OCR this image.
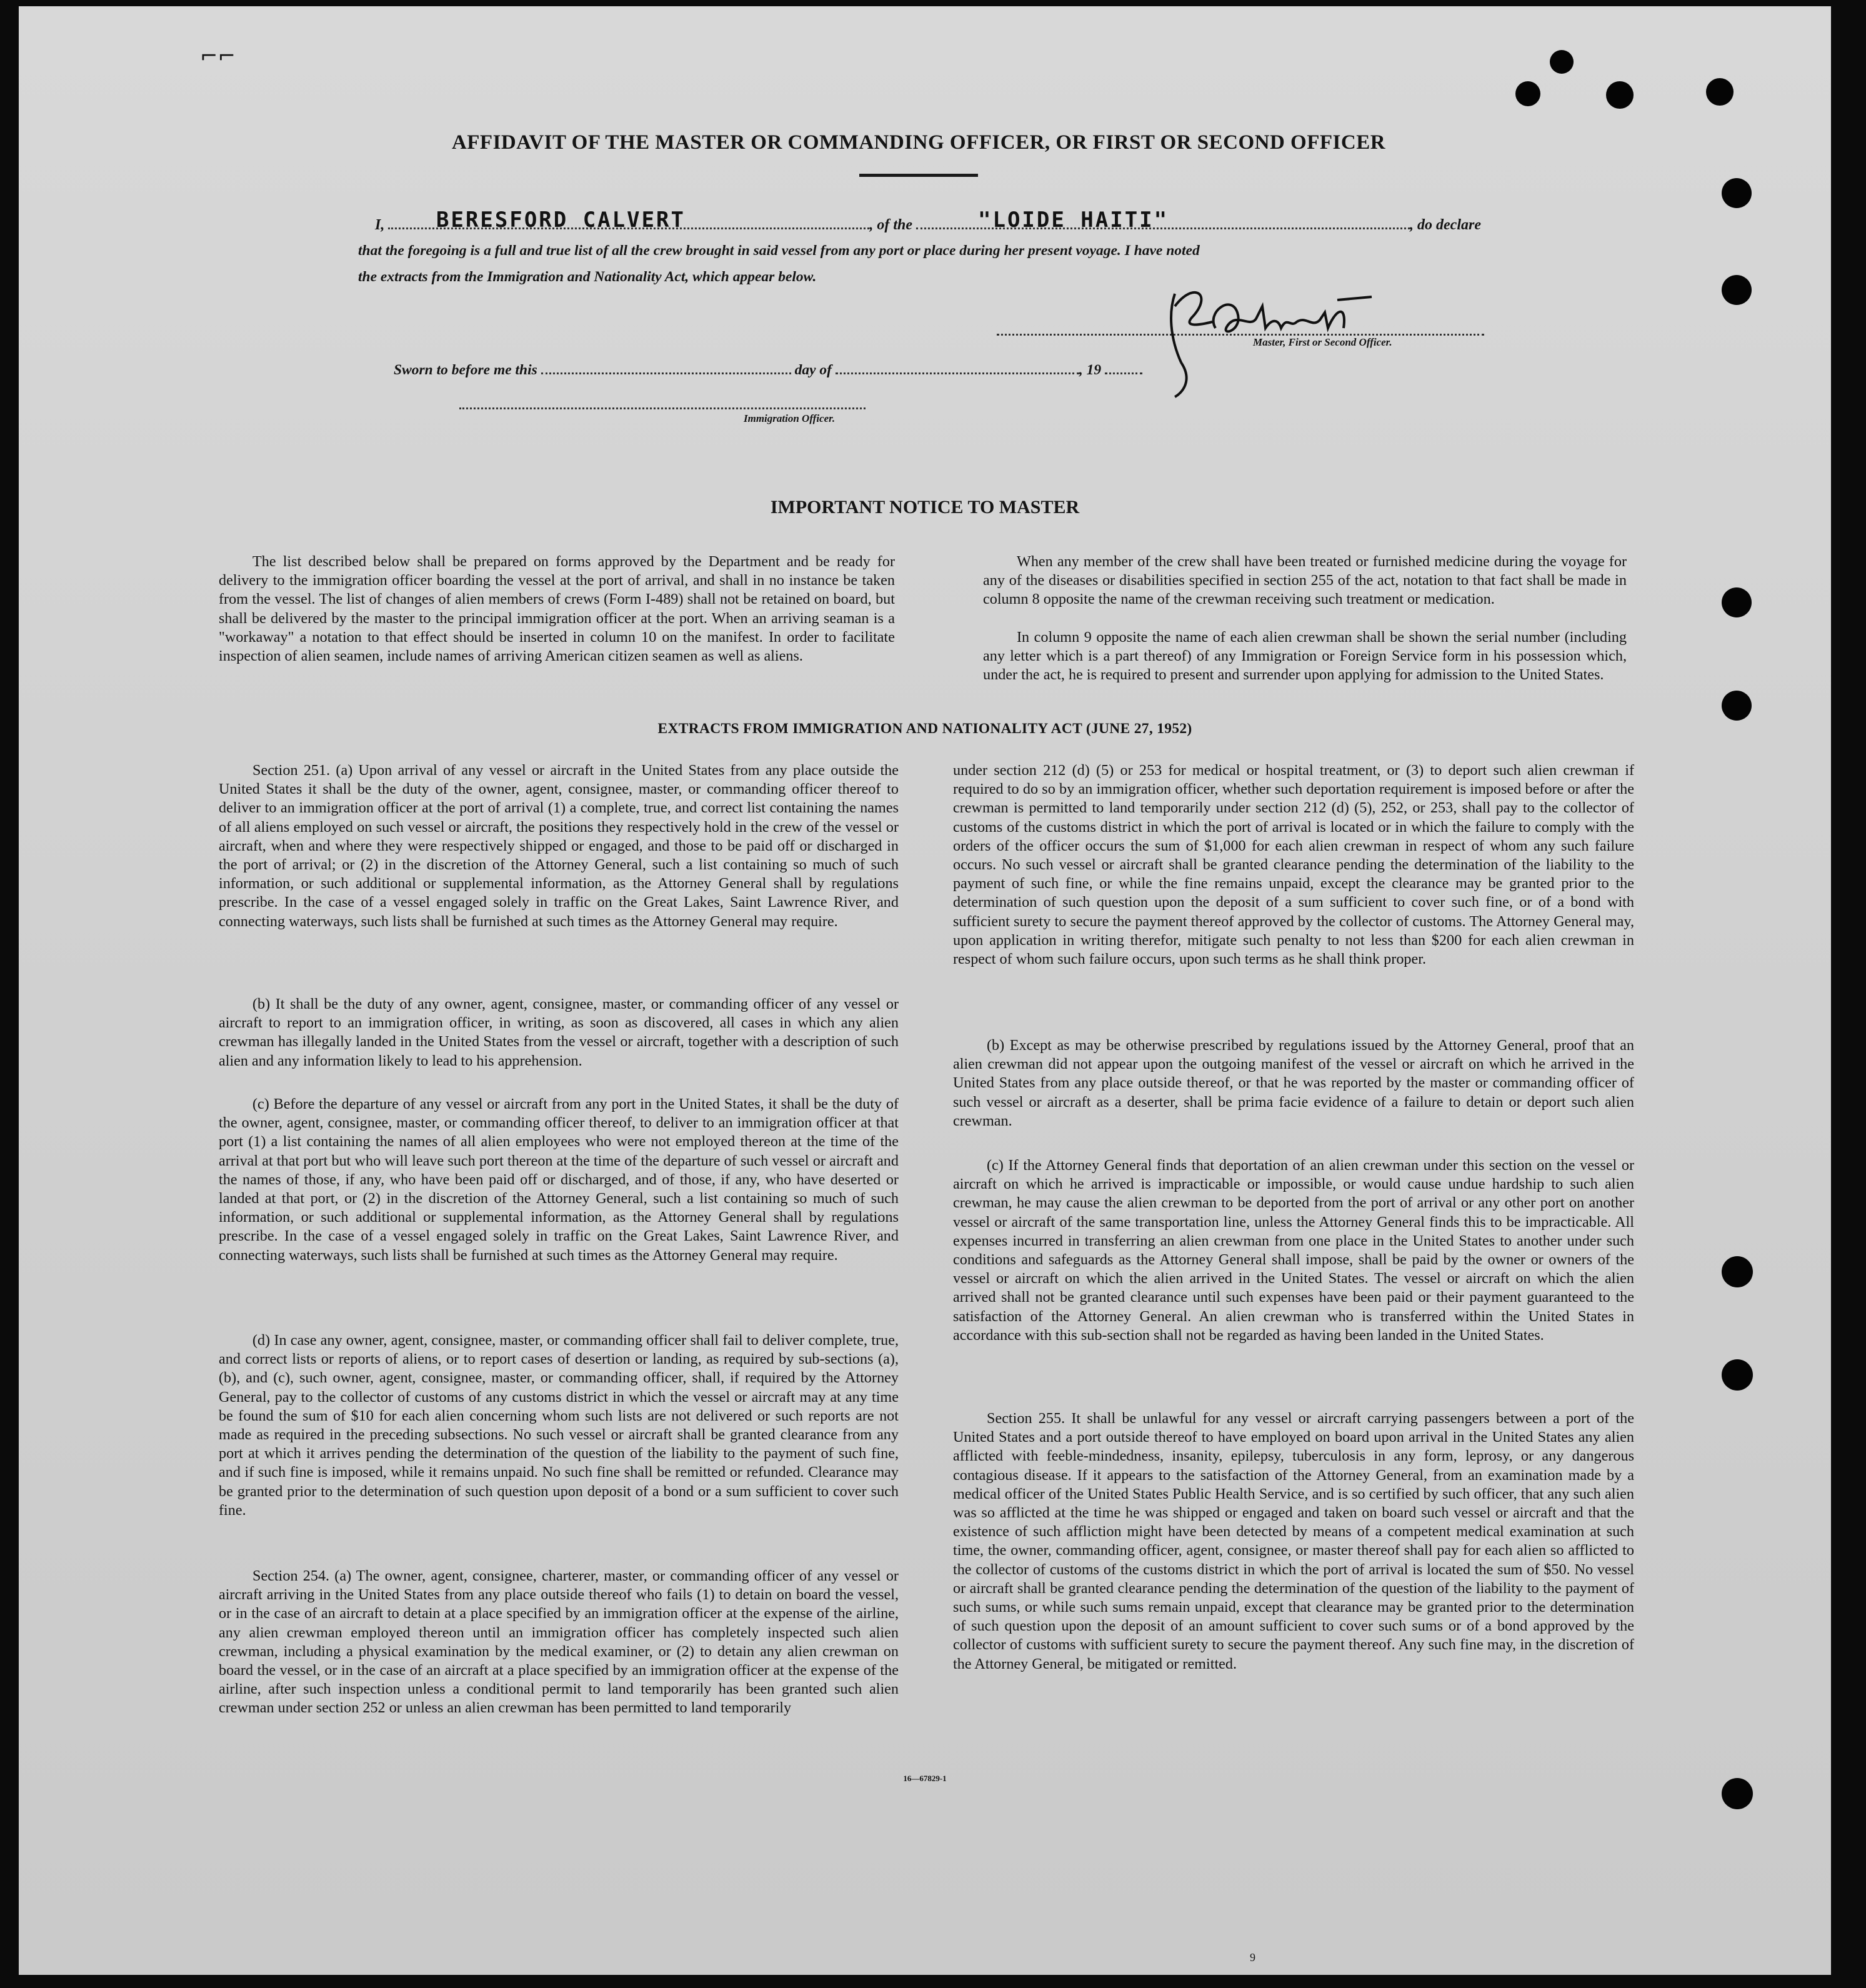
⌐⌐
AFFIDAVIT OF THE MASTER OR COMMANDING OFFICER, OR FIRST OR SECOND OFFICER
I,	, of the	, do declare
BERESFORD CALVERT	"LOIDE HAITI"
that the foregoing is a full and true list of all the crew brought in said vessel from any port or place during her present voyage. I have noted
the extracts from the Immigration and Nationality Act, which appear below.
Master, First or Second Officer.
Sworn to before me this	day of	, 19
Immigration Officer.
IMPORTANT NOTICE TO MASTER

The list described below shall be prepared on forms approved by the Department and be ready for delivery to the immigration officer boarding the vessel at the port of arrival, and shall in no instance be taken from the vessel. The list of changes of alien members of crews (Form I-489) shall not be retained on board, but shall be delivered by the master to the principal immigration officer at the port. When an arriving seaman is a "workaway" a notation to that effect should be inserted in column 10 on the manifest. In order to facilitate inspection of alien seamen, include names of arriving American citizen seamen as well as aliens.

When any member of the crew shall have been treated or furnished medicine during the voyage for any of the diseases or disabilities specified in section 255 of the act, notation to that fact shall be made in column 8 opposite the name of the crewman receiving such treatment or medication.

In column 9 opposite the name of each alien crewman shall be shown the serial number (including any letter which is a part thereof) of any Immigration or Foreign Service form in his possession which, under the act, he is required to present and surrender upon applying for admission to the United States.

EXTRACTS FROM IMMIGRATION AND NATIONALITY ACT (JUNE 27, 1952)

Section 251. (a) Upon arrival of any vessel or aircraft in the United States from any place outside the United States it shall be the duty of the owner, agent, consignee, master, or commanding officer thereof to deliver to an immigration officer at the port of arrival (1) a complete, true, and correct list containing the names of all aliens employed on such vessel or aircraft, the positions they respectively hold in the crew of the vessel or aircraft, when and where they were respectively shipped or engaged, and those to be paid off or discharged in the port of arrival; or (2) in the discretion of the Attorney General, such a list containing so much of such information, or such additional or supplemental information, as the Attorney General shall by regulations prescribe. In the case of a vessel engaged solely in traffic on the Great Lakes, Saint Lawrence River, and connecting waterways, such lists shall be furnished at such times as the Attorney General may require.

(b) It shall be the duty of any owner, agent, consignee, master, or commanding officer of any vessel or aircraft to report to an immigration officer, in writing, as soon as discovered, all cases in which any alien crewman has illegally landed in the United States from the vessel or aircraft, together with a description of such alien and any information likely to lead to his apprehension.

(c) Before the departure of any vessel or aircraft from any port in the United States, it shall be the duty of the owner, agent, consignee, master, or commanding officer thereof, to deliver to an immigration officer at that port (1) a list containing the names of all alien employees who were not employed thereon at the time of the arrival at that port but who will leave such port thereon at the time of the departure of such vessel or aircraft and the names of those, if any, who have been paid off or discharged, and of those, if any, who have deserted or landed at that port, or (2) in the discretion of the Attorney General, such a list containing so much of such information, or such additional or supplemental information, as the Attorney General shall by regulations prescribe. In the case of a vessel engaged solely in traffic on the Great Lakes, Saint Lawrence River, and connecting waterways, such lists shall be furnished at such times as the Attorney General may require.

(d) In case any owner, agent, consignee, master, or commanding officer shall fail to deliver complete, true, and correct lists or reports of aliens, or to report cases of desertion or landing, as required by sub-sections (a), (b), and (c), such owner, agent, consignee, master, or commanding officer, shall, if required by the Attorney General, pay to the collector of customs of any customs district in which the vessel or aircraft may at any time be found the sum of $10 for each alien concerning whom such lists are not delivered or such reports are not made as required in the preceding subsections. No such vessel or aircraft shall be granted clearance from any port at which it arrives pending the determination of the question of the liability to the payment of such fine, and if such fine is imposed, while it remains unpaid. No such fine shall be remitted or refunded. Clearance may be granted prior to the determination of such question upon deposit of a bond or a sum sufficient to cover such fine.

Section 254. (a) The owner, agent, consignee, charterer, master, or commanding officer of any vessel or aircraft arriving in the United States from any place outside thereof who fails (1) to detain on board the vessel, or in the case of an aircraft to detain at a place specified by an immigration officer at the expense of the airline, any alien crewman employed thereon until an immigration officer has completely inspected such alien crewman, including a physical examination by the medical examiner, or (2) to detain any alien crewman on board the vessel, or in the case of an aircraft at a place specified by an immigration officer at the expense of the airline, after such inspection unless a conditional permit to land temporarily has been granted such alien crewman under section 252 or unless an alien crewman has been permitted to land temporarily

under section 212 (d) (5) or 253 for medical or hospital treatment, or (3) to deport such alien crewman if required to do so by an immigration officer, whether such deportation requirement is imposed before or after the crewman is permitted to land temporarily under section 212 (d) (5), 252, or 253, shall pay to the collector of customs of the customs district in which the port of arrival is located or in which the failure to comply with the orders of the officer occurs the sum of $1,000 for each alien crewman in respect of whom any such failure occurs. No such vessel or aircraft shall be granted clearance pending the determination of the liability to the payment of such fine, or while the fine remains unpaid, except the clearance may be granted prior to the determination of such question upon the deposit of a sum sufficient to cover such fine, or of a bond with sufficient surety to secure the payment thereof approved by the collector of customs. The Attorney General may, upon application in writing therefor, mitigate such penalty to not less than $200 for each alien crewman in respect of whom such failure occurs, upon such terms as he shall think proper.

(b) Except as may be otherwise prescribed by regulations issued by the Attorney General, proof that an alien crewman did not appear upon the outgoing manifest of the vessel or aircraft on which he arrived in the United States from any place outside thereof, or that he was reported by the master or commanding officer of such vessel or aircraft as a deserter, shall be prima facie evidence of a failure to detain or deport such alien crewman.

(c) If the Attorney General finds that deportation of an alien crewman under this section on the vessel or aircraft on which he arrived is impracticable or impossible, or would cause undue hardship to such alien crewman, he may cause the alien crewman to be deported from the port of arrival or any other port on another vessel or aircraft of the same transportation line, unless the Attorney General finds this to be impracticable. All expenses incurred in transferring an alien crewman from one place in the United States to another under such conditions and safeguards as the Attorney General shall impose, shall be paid by the owner or owners of the vessel or aircraft on which the alien arrived in the United States. The vessel or aircraft on which the alien arrived shall not be granted clearance until such expenses have been paid or their payment guaranteed to the satisfaction of the Attorney General. An alien crewman who is transferred within the United States in accordance with this sub-section shall not be regarded as having been landed in the United States.

Section 255. It shall be unlawful for any vessel or aircraft carrying passengers between a port of the United States and a port outside thereof to have employed on board upon arrival in the United States any alien afflicted with feeble-mindedness, insanity, epilepsy, tuberculosis in any form, leprosy, or any dangerous contagious disease. If it appears to the satisfaction of the Attorney General, from an examination made by a medical officer of the United States Public Health Service, and is so certified by such officer, that any such alien was so afflicted at the time he was shipped or engaged and taken on board such vessel or aircraft and that the existence of such affliction might have been detected by means of a competent medical examination at such time, the owner, commanding officer, agent, consignee, or master thereof shall pay for each alien so afflicted to the collector of customs of the customs district in which the port of arrival is located the sum of $50. No vessel or aircraft shall be granted clearance pending the determination of the question of the liability to the payment of such sums, or while such sums remain unpaid, except that clearance may be granted prior to the determination of such question upon the deposit of an amount sufficient to cover such sums or of a bond approved by the collector of customs with sufficient surety to secure the payment thereof. Any such fine may, in the discretion of the Attorney General, be mitigated or remitted.

16—67829-1
9
